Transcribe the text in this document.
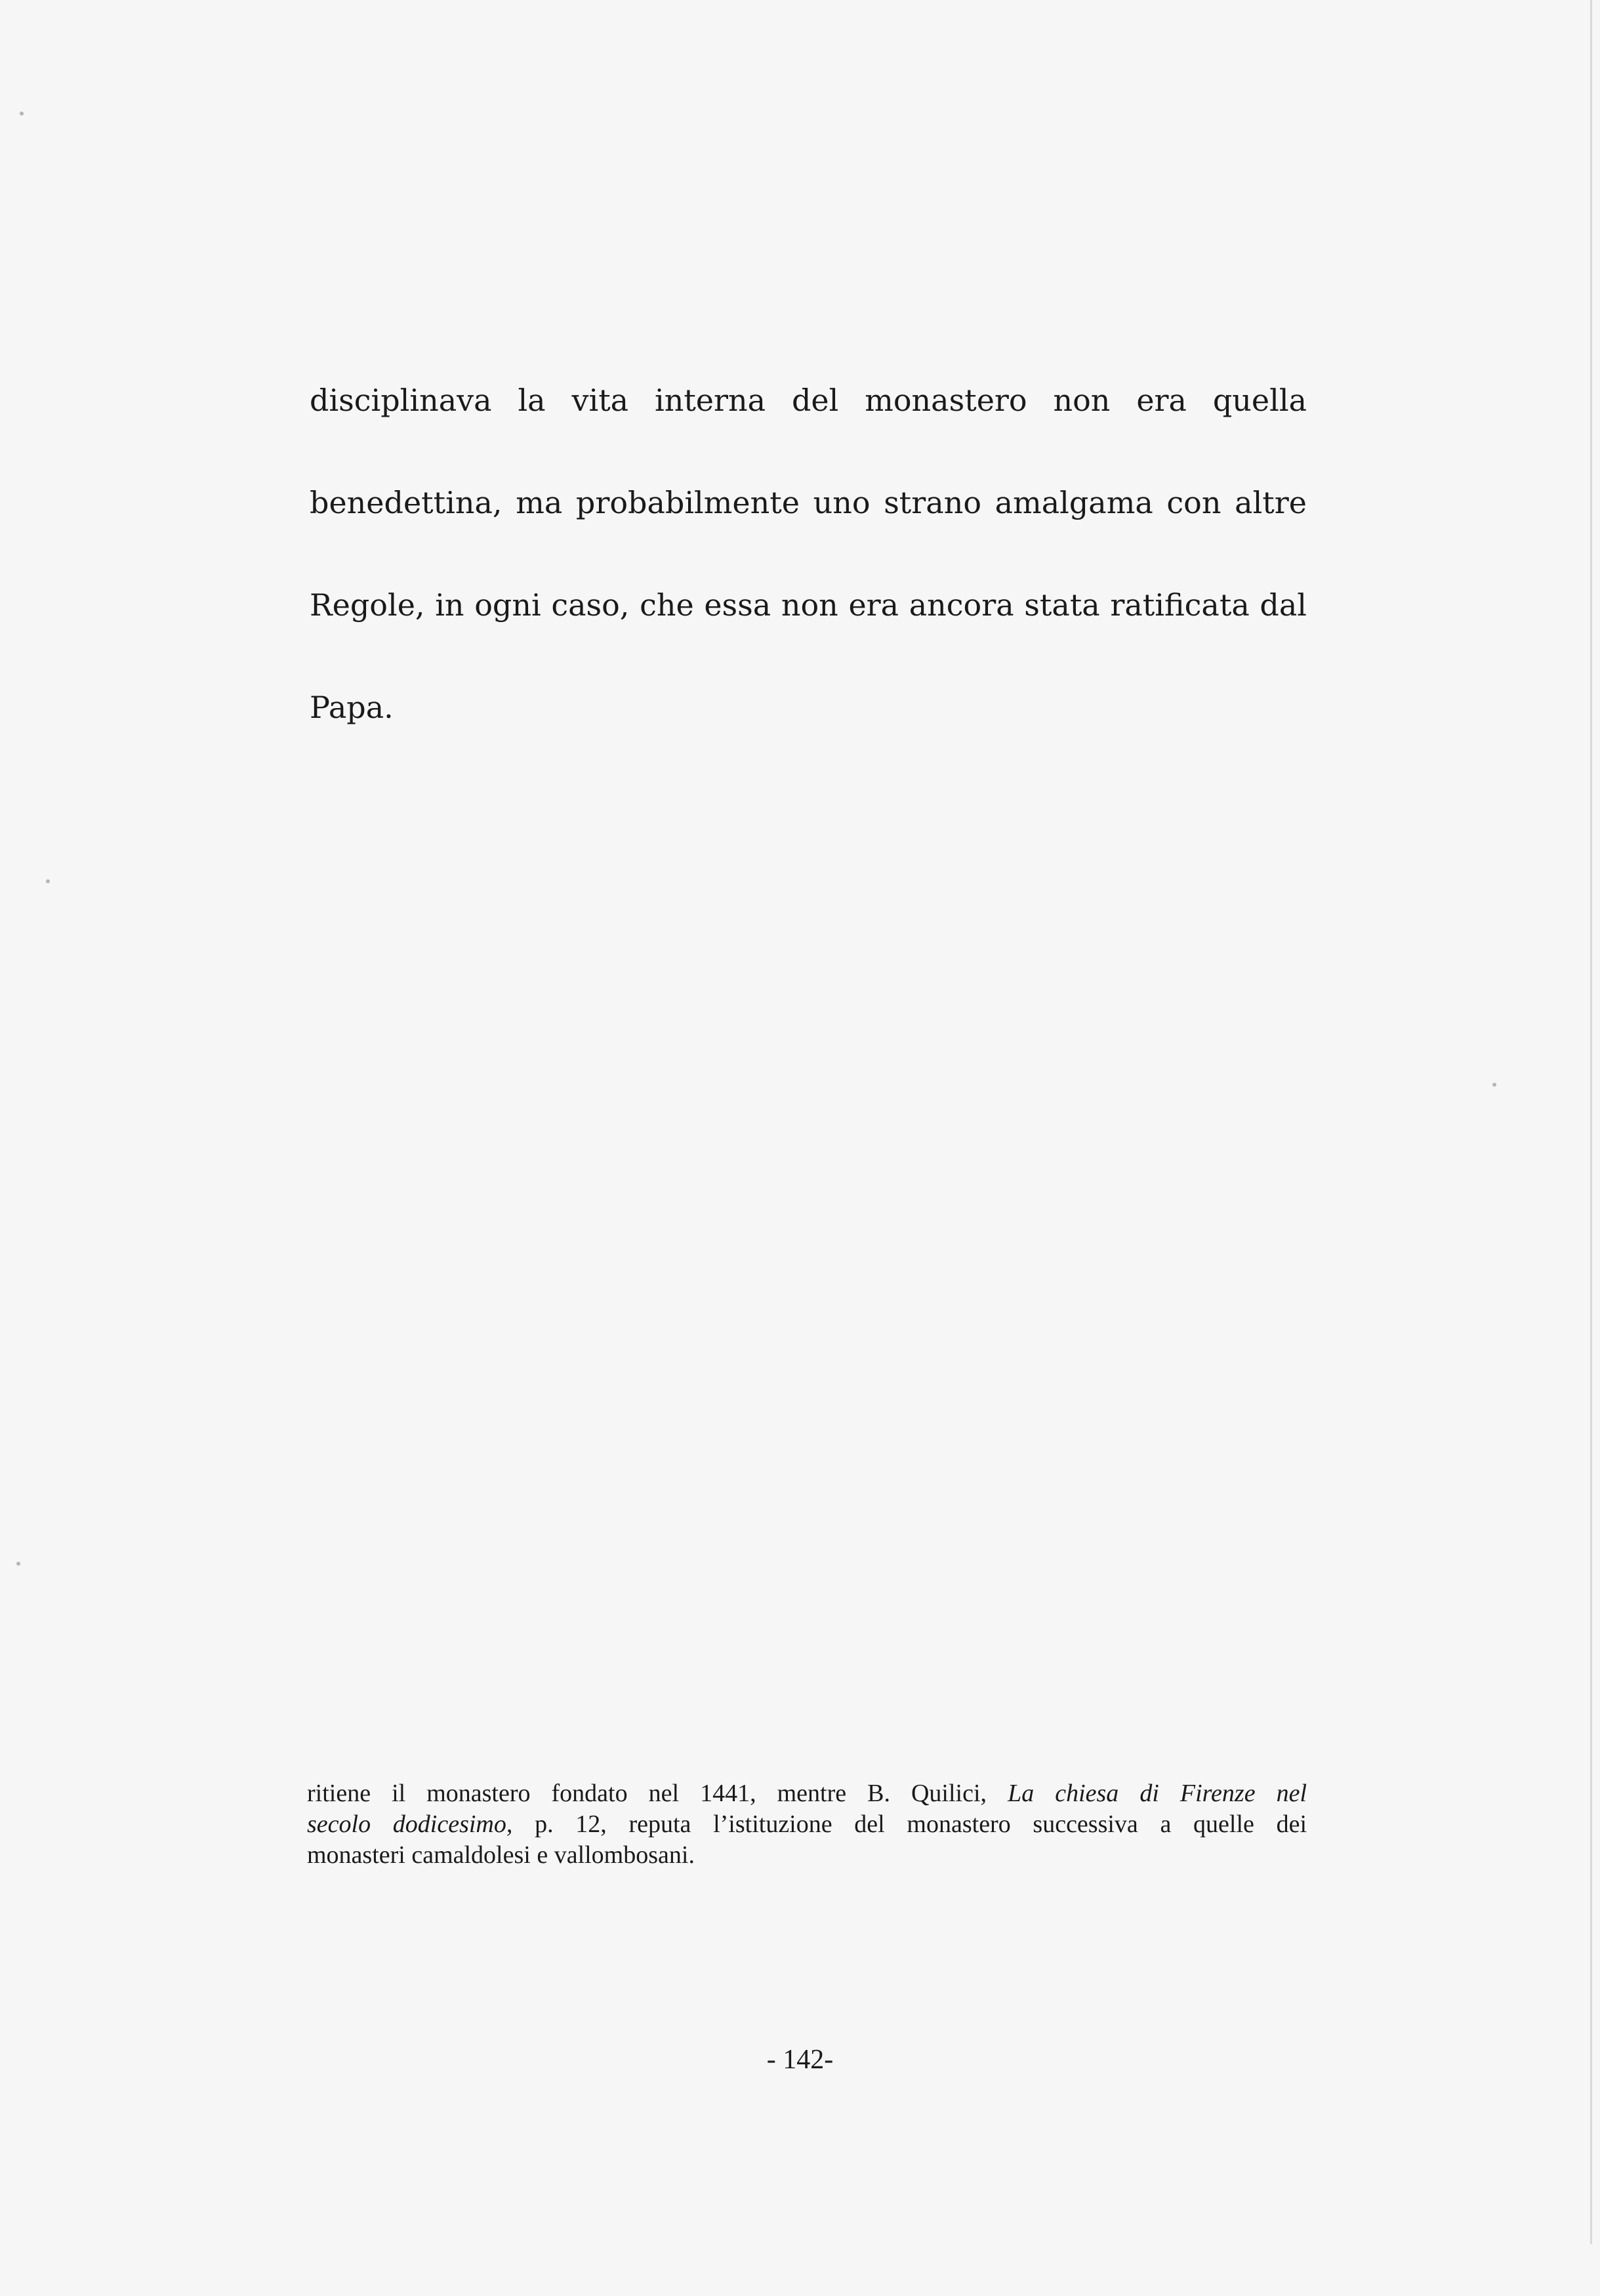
disciplinava la vita interna del monastero non era quella
benedettina, ma probabilmente uno strano amalgama con altre
Regole, in ogni caso, che essa non era ancora stata ratificata dal
Papa.
ritiene il monastero fondato nel 1441, mentre B. Quilici, La chiesa di Firenze nel
secolo dodicesimo, p. 12, reputa l’istituzione del monastero successiva a quelle dei
monasteri camaldolesi e vallombosani.
- 142-
